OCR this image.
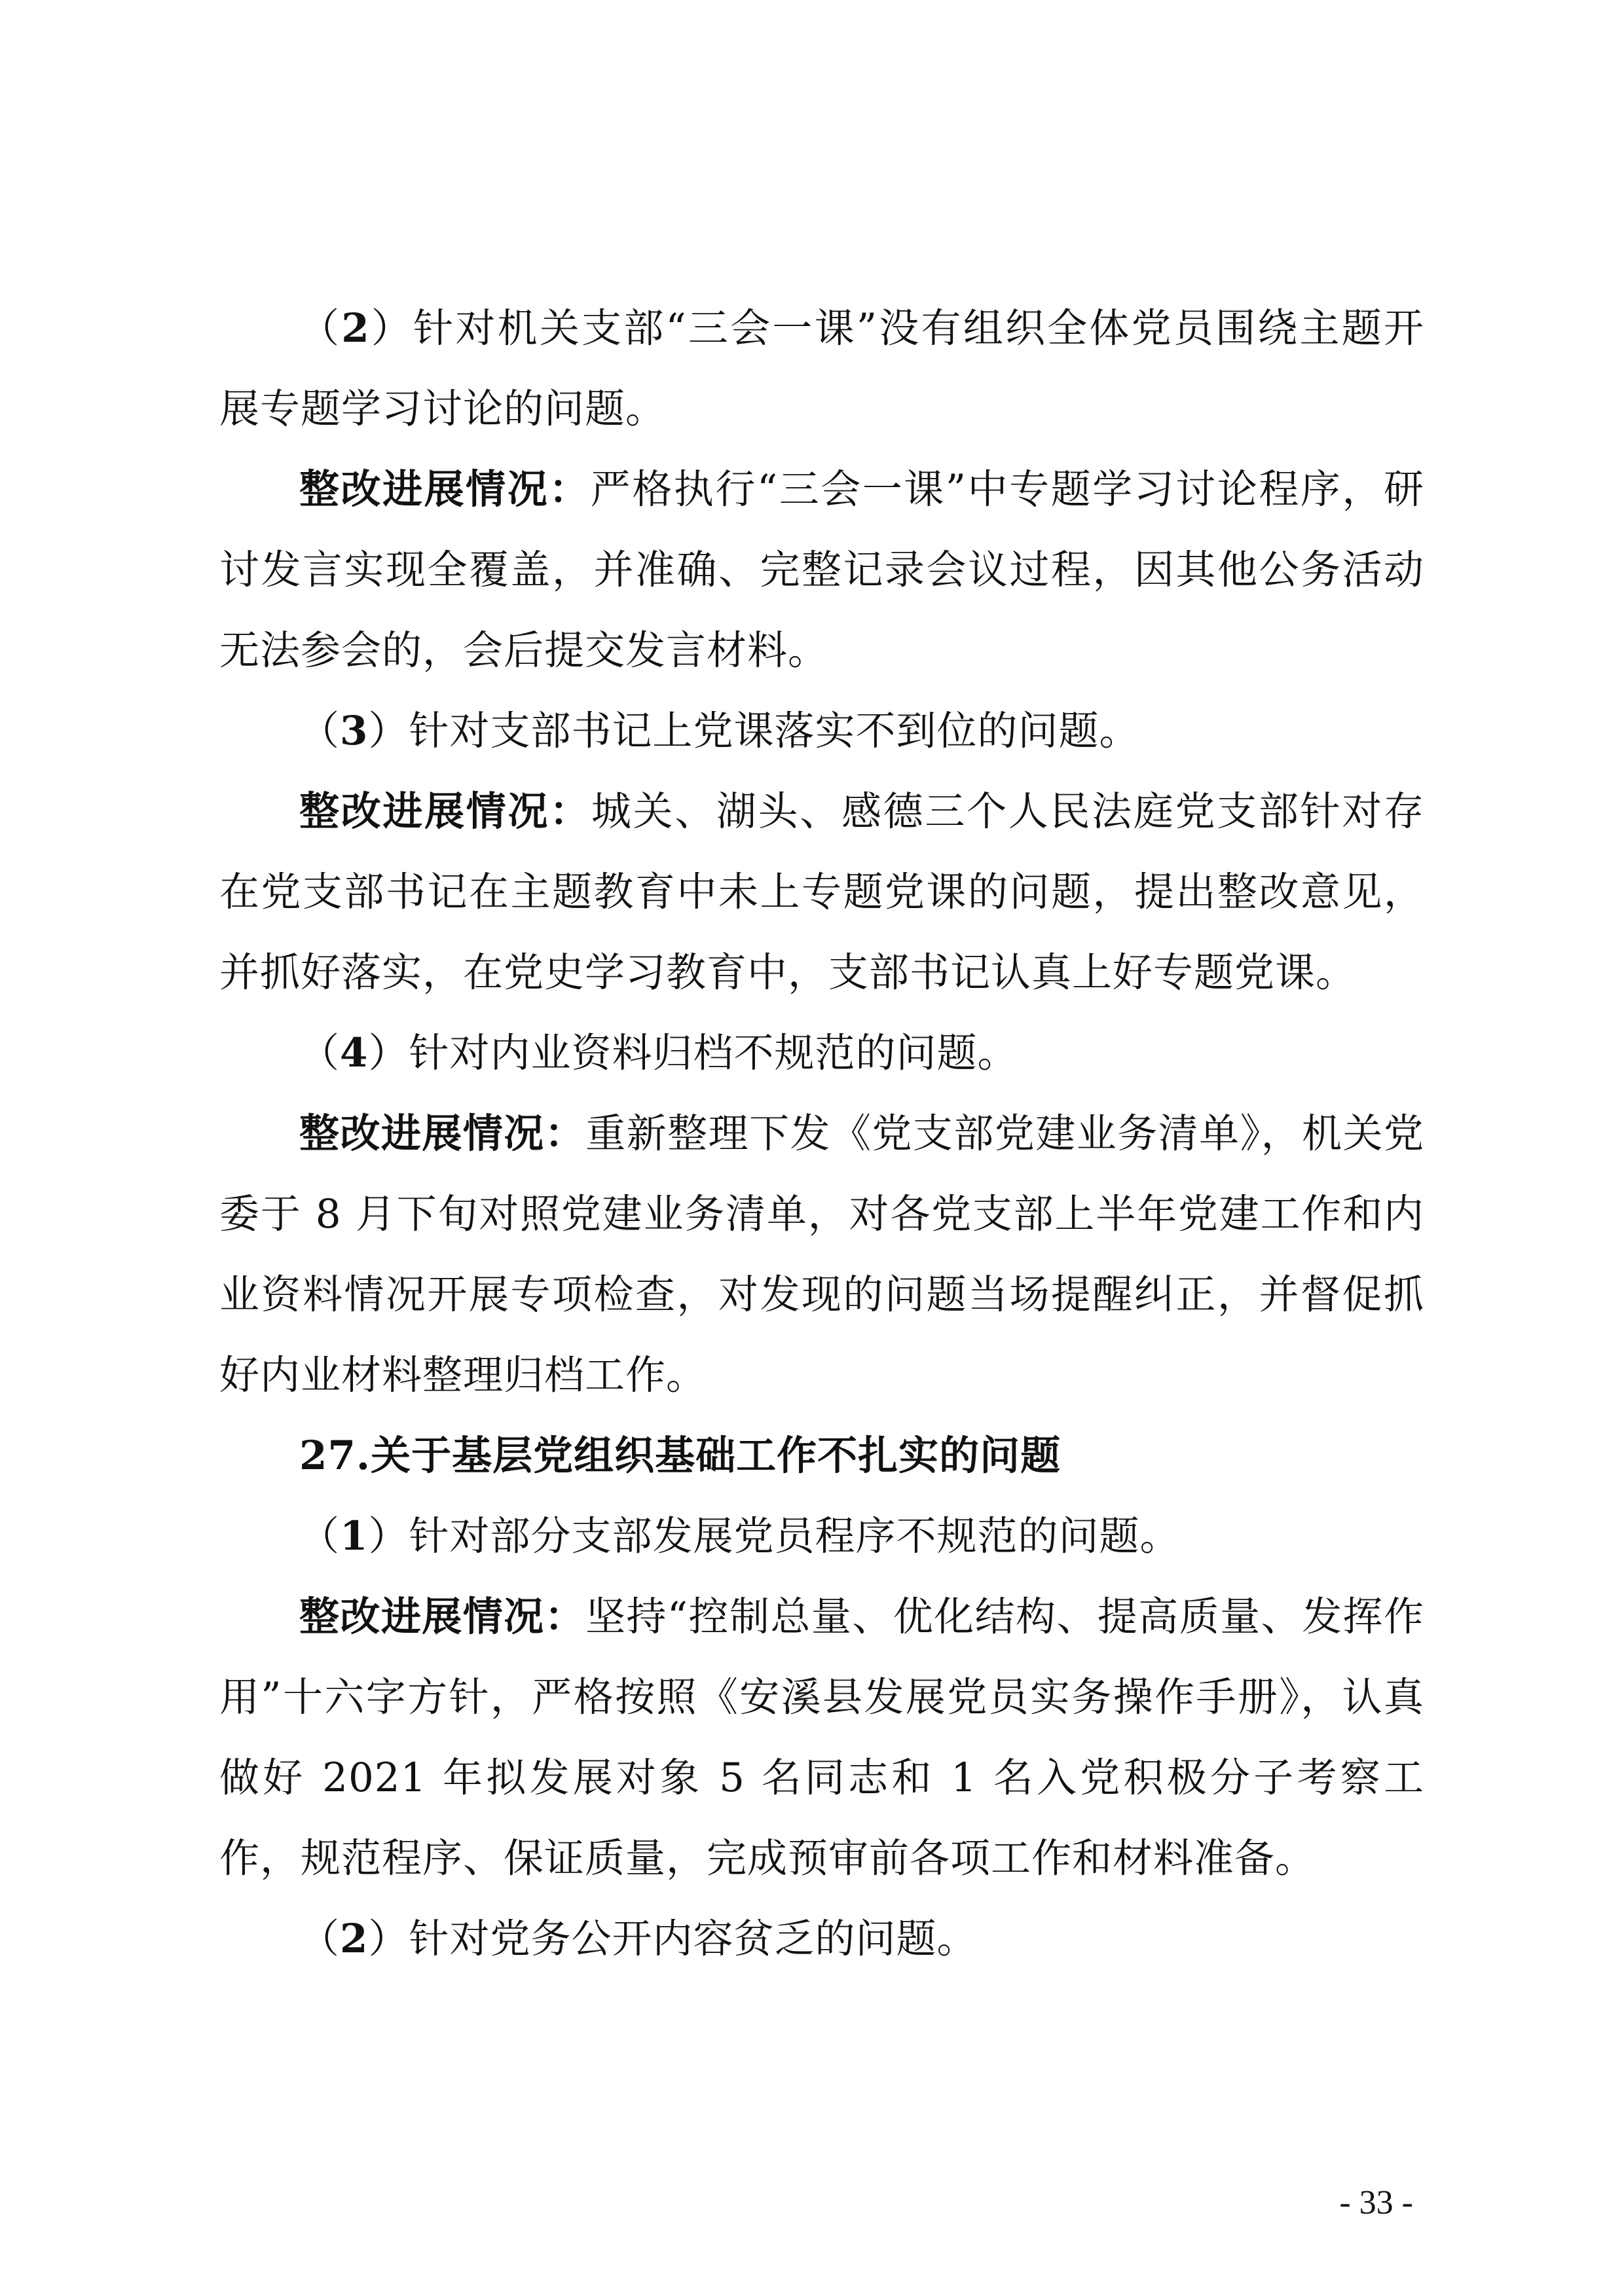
（2）针对机关支部“三会一课”没有组织全体党员围绕主题开展专题学习讨论的问题。

整改进展情况：严格执行“三会一课”中专题学习讨论程序，研讨发言实现全覆盖，并准确、完整记录会议过程，因其他公务活动无法参会的，会后提交发言材料。

（3）针对支部书记上党课落实不到位的问题。

整改进展情况：城关、湖头、感德三个人民法庭党支部针对存在党支部书记在主题教育中未上专题党课的问题，提出整改意见，并抓好落实，在党史学习教育中，支部书记认真上好专题党课。

（4）针对内业资料归档不规范的问题。

整改进展情况：重新整理下发《党支部党建业务清单》，机关党委于 8 月下旬对照党建业务清单，对各党支部上半年党建工作和内业资料情况开展专项检查，对发现的问题当场提醒纠正，并督促抓好内业材料整理归档工作。

27.关于基层党组织基础工作不扎实的问题

（1）针对部分支部发展党员程序不规范的问题。

整改进展情况：坚持“控制总量、优化结构、提高质量、发挥作用”十六字方针，严格按照《安溪县发展党员实务操作手册》，认真做好 2021 年拟发展对象 5 名同志和 1 名入党积极分子考察工作，规范程序、保证质量，完成预审前各项工作和材料准备。

（2）针对党务公开内容贫乏的问题。

- 33 -
